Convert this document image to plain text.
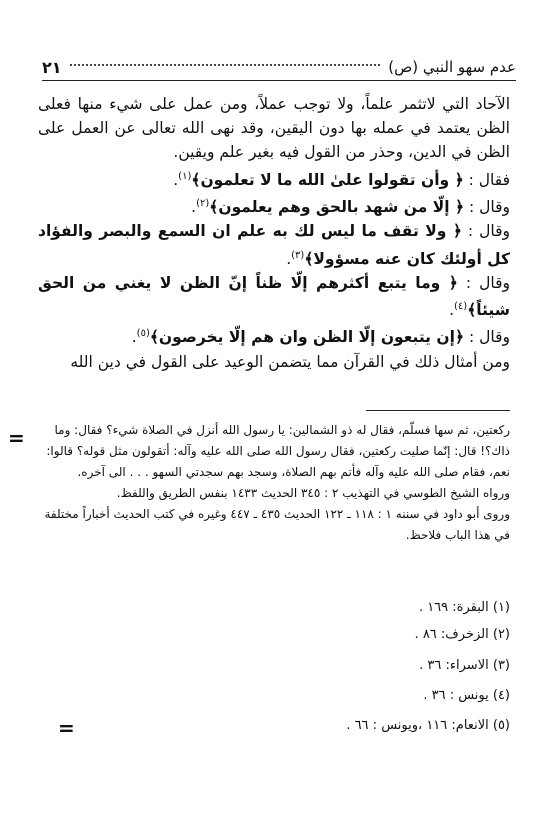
عدم سهو النبي (ص)
٢١

الآحاد التي لاتثمر علماً، ولا توجب عملاً، ومن عمل على شيء منها فعلى الظن يعتمد في عمله بها دون اليقين، وقد نهى الله تعالى عن العمل على الظن في الدين، وحذر من القول فيه بغير علم ويقين.

فقال : ﴿ وأن تقولوا علىٰ الله ما لا تعلمون﴾$^{(١)}$.

وقال : ﴿ إلّا من شهد بالحق وهم يعلمون﴾$^{(٢)}$.

وقال : ﴿ ولا تقف ما ليس لك به علم ان السمع والبصر والفؤاد كل أولئك كان عنه مسؤولا﴾$^{(٣)}$.

وقال : ﴿ وما يتبع أكثرهم إلّا ظناً إنّ الظن لا يغني من الحق شيئاً﴾$^{(٤)}$.

وقال : ﴿إن يتبعون إلّا الظن وان هم إلّا يخرصون﴾$^{(٥)}$.

ومن أمثال ذلك في القرآن مما يتضمن الوعيد على القول في دين الله

=	ركعتين، ثم سها فسلّم، فقال له ذو الشمالين: يا رسول الله أنزل في الصلاة شيء؟ فقال: وما ذاك؟! قال: إنّما صليت ركعتين، فقال رسول الله صلى الله عليه وآله: أتقولون مثل قوله؟ قالوا: نعم، فقام صلى الله عليه وآله فأتم بهم الصلاة، وسجد بهم سجدتي السهو . . . الى آخره.

ورواه الشيخ الطوسي في التهذيب ٢ : ٣٤٥ الحديث ١٤٣٣ بنفس الطريق واللفظ.

وروى أبو داود في سننه ١ : ١١٨ ـ ١٢٢ الحديث ٤٣٥ ـ ٤٤٧ وغيره في كتب الحديث أخباراً مختلفة في هذا الباب فلاحظ.

(١) البقرة: ١٦٩ .
(٢) الزخرف: ٨٦ .
(٣) الاسراء: ٣٦ .
(٤) يونس : ٣٦ .
(٥) الانعام: ١١٦ ،ويونس : ٦٦ .
=
